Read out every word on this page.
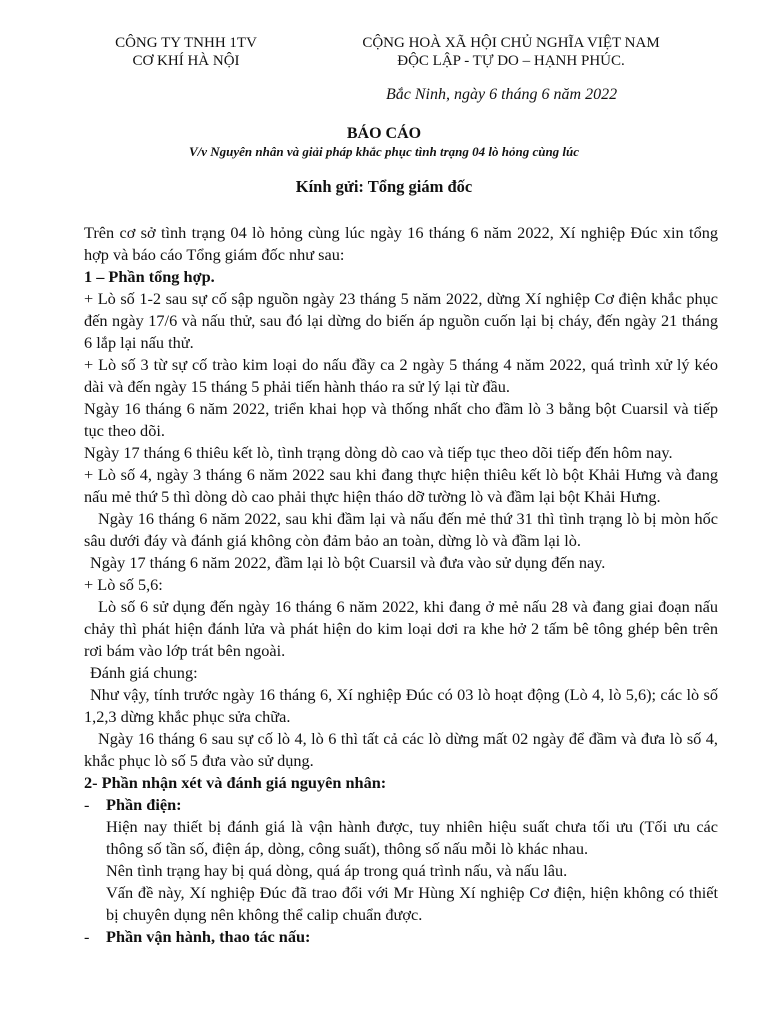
CÔNG TY TNHH 1TV
CƠ KHÍ HÀ NỘI
CỘNG HOÀ XÃ HỘI CHỦ NGHĨA VIỆT NAM
ĐỘC LẬP - TỰ DO – HẠNH PHÚC.
Bắc Ninh, ngày 6 tháng 6 năm 2022
BÁO CÁO
V/v Nguyên nhân và giải pháp khắc phục tình trạng 04 lò hỏng cùng lúc
Kính gửi: Tổng giám đốc

Trên cơ sở tình trạng 04 lò hỏng cùng lúc ngày 16 tháng 6 năm 2022, Xí nghiệp Đúc xin tổng hợp và báo cáo Tổng giám đốc như sau:

1 – Phần tổng hợp.

+ Lò số 1-2 sau sự cố sập nguồn ngày 23 tháng 5 năm 2022, dừng Xí nghiệp Cơ điện khắc phục đến ngày 17/6 và nấu thử, sau đó lại dừng do biến áp nguồn cuốn lại bị cháy, đến ngày 21 tháng 6 lắp lại nấu thử.

+ Lò số 3 từ sự cố trào kim loại do nấu đầy ca 2 ngày 5 tháng 4 năm 2022, quá trình xử lý kéo dài và đến ngày 15 tháng 5 phải tiến hành tháo ra sử lý lại từ đầu.

Ngày 16 tháng 6 năm 2022, triển khai họp và thống nhất cho đầm lò 3 bằng bột Cuarsil và tiếp tục theo dõi.

Ngày 17 tháng 6 thiêu kết lò, tình trạng dòng dò cao và tiếp tục theo dõi tiếp đến hôm nay.

+ Lò số 4, ngày 3 tháng 6 năm 2022 sau khi đang thực hiện thiêu kết lò bột Khải Hưng và đang nấu mẻ thứ 5 thì dòng dò cao phải thực hiện tháo dỡ tường lò và đầm lại bột Khải Hưng.

Ngày 16 tháng 6 năm 2022, sau khi đầm lại và nấu đến mẻ thứ 31 thì tình trạng lò bị mòn hốc sâu dưới đáy và đánh giá không còn đảm bảo an toàn, dừng lò và đầm lại lò.

Ngày 17 tháng 6 năm 2022, đầm lại lò bột Cuarsil và đưa vào sử dụng đến nay.

+ Lò số 5,6:

Lò số 6 sử dụng đến ngày 16 tháng 6 năm 2022, khi đang ở mẻ nấu 28 và đang giai đoạn nấu chảy thì phát hiện đánh lửa và phát hiện do kim loại dơi ra khe hở 2 tấm bê tông ghép bên trên rơi bám vào lớp trát bên ngoài.

Đánh giá chung:

Như vậy, tính trước ngày 16 tháng 6, Xí nghiệp Đúc có 03 lò hoạt động (Lò 4, lò 5,6); các lò số 1,2,3 dừng khắc phục sửa chữa.

Ngày 16 tháng 6 sau sự cố lò 4, lò 6 thì tất cả các lò dừng mất 02 ngày để đầm và đưa lò số 4, khắc phục lò số 5 đưa vào sử dụng.

2- Phần nhận xét và đánh giá nguyên nhân:

- Phần điện:

Hiện nay thiết bị đánh giá là vận hành được, tuy nhiên hiệu suất chưa tối ưu (Tối ưu các thông số tần số, điện áp, dòng, công suất), thông số nấu mỗi lò khác nhau.

Nên tình trạng hay bị quá dòng, quá áp trong quá trình nấu, và nấu lâu.

Vấn đề này, Xí nghiệp Đúc đã trao đổi với Mr Hùng Xí nghiệp Cơ điện, hiện không có thiết bị chuyên dụng nên không thể calip chuẩn được.

- Phần vận hành, thao tác nấu:
